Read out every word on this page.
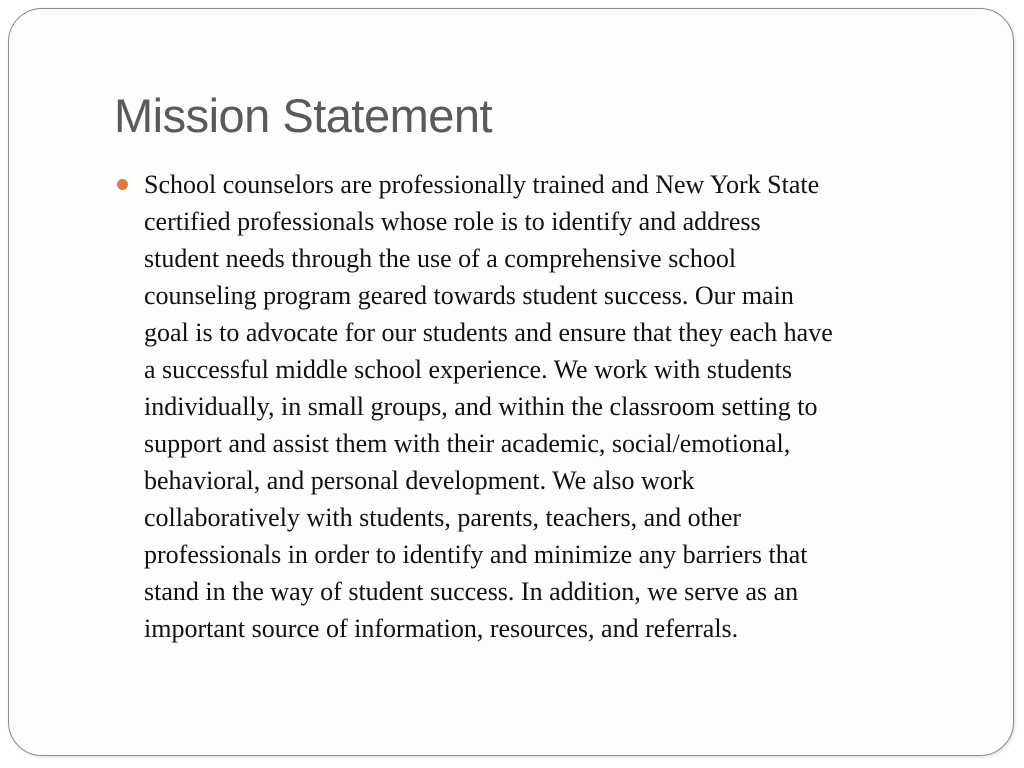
Mission Statement
School counselors are professionally trained and New York State
certified professionals whose role is to identify and address
student needs through the use of a comprehensive school
counseling program geared towards student success. Our main
goal is to advocate for our students and ensure that they each have
a successful middle school experience. We work with students
individually, in small groups, and within the classroom setting to
support and assist them with their academic, social/emotional,
behavioral, and personal development. We also work
collaboratively with students, parents, teachers, and other
professionals in order to identify and minimize any barriers that
stand in the way of student success. In addition, we serve as an
important source of information, resources, and referrals.
